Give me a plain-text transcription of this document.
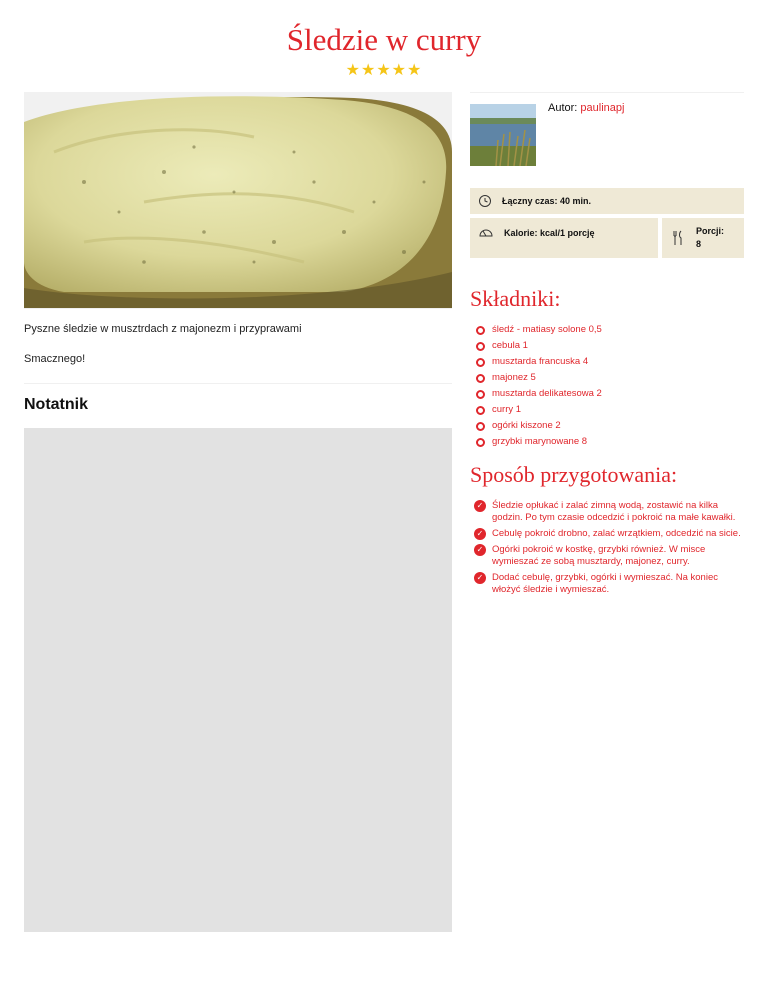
Śledzie w curry
★★★★★

Pyszne śledzie w musztrdach z majonezm i przyprawami

Smacznego!

Notatnik
Autor: paulinapj
Łączny czas: 40 min.
Kalorie: kcal/1 porcję	Porcji:
8
Składniki:
śledź - matiasy solone 0,5
cebula 1
musztarda francuska 4
majonez 5
musztarda delikatesowa 2
curry 1
ogórki kiszone 2
grzybki marynowane 8
Sposób przygotowania:
✓ Śledzie opłukać i zalać zimną wodą, zostawić na kilka godzin. Po tym czasie odcedzić i pokroić na małe kawałki.
✓ Cebulę pokroić drobno, zalać wrzątkiem, odcedzić na sicie.
✓ Ogórki pokroić w kostkę, grzybki również. W misce wymieszać ze sobą musztardy, majonez, curry.
✓ Dodać cebulę, grzybki, ogórki i wymieszać. Na koniec włożyć śledzie i wymieszać.
